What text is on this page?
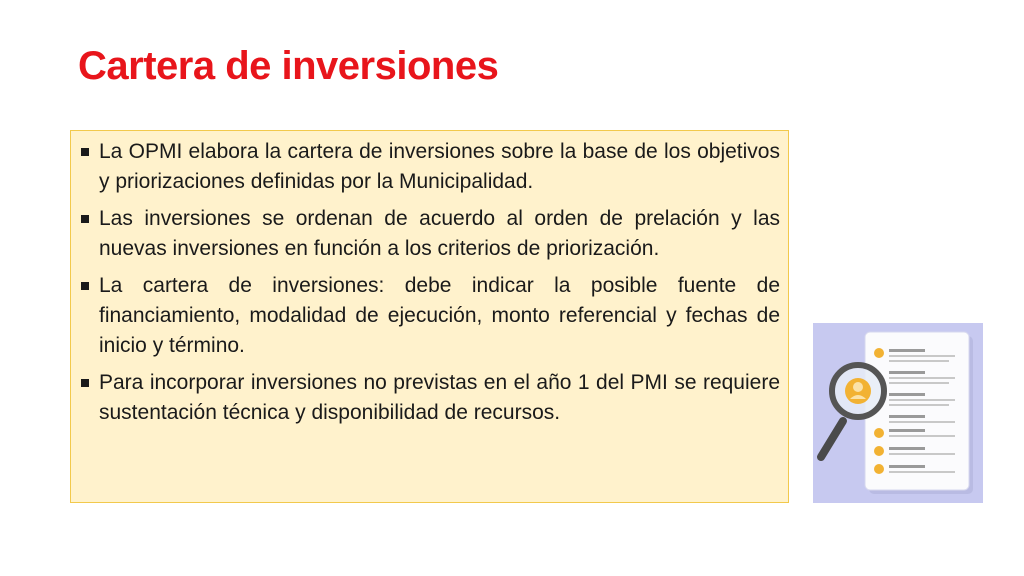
Cartera de inversiones
La OPMI elabora la cartera de inversiones sobre la base de los objetivos y priorizaciones definidas por la Municipalidad.
Las inversiones se ordenan de acuerdo al orden de prelación y las nuevas inversiones en función a los criterios de priorización.
La cartera de inversiones: debe indicar la posible fuente de financiamiento, modalidad de ejecución, monto referencial y fechas de inicio y término.
Para incorporar inversiones no previstas en el año 1 del PMI se requiere sustentación técnica y disponibilidad de recursos.
